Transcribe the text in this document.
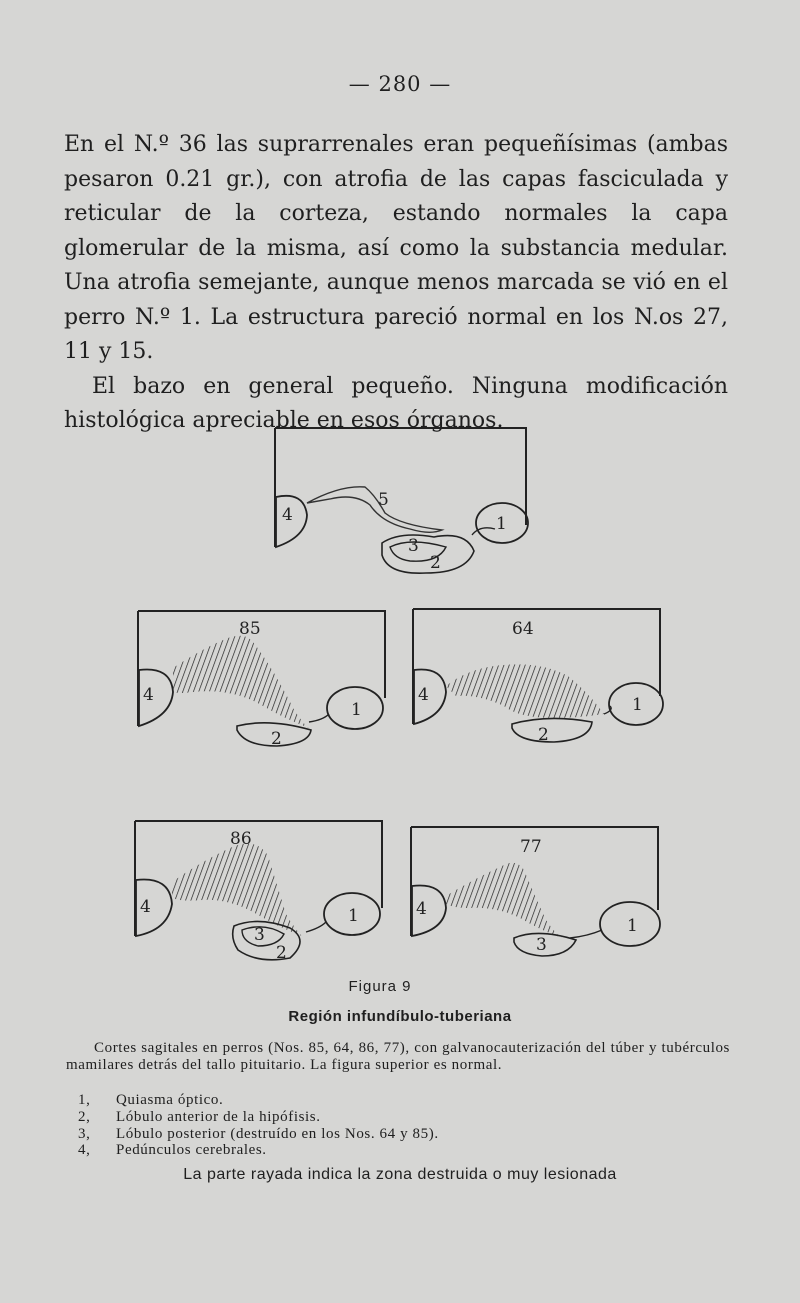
— 280 —

En el N.º 36 las suprarrenales eran pequeñísimas (ambas pesaron 0.21 gr.), con atrofia de las capas fasciculada y reticular de la corteza, estando normales la capa glomerular de la misma, así como la substancia medular. Una atrofia semejante, aunque menos marcada se vió en el perro N.º 1. La estructura pareció normal en los N.os 27, 11 y 15.

El bazo en general pequeño. Ninguna modificación histológica apreciable en esos órganos.

4
5
1
3
2
85
4
1
2
64
4	1
2
86
4	1
3
2
77
4
1
3
Figura 9
Región infundíbulo-tuberiana

Cortes sagitales en perros (Nos. 85, 64, 86, 77), con galvanocauterización del túber y tubérculos mamilares detrás del tallo pituitario. La figura superior es normal.

1, Quiasma óptico.
2, Lóbulo anterior de la hipófisis.
3, Lóbulo posterior (destruído en los Nos. 64 y 85).
4, Pedúnculos cerebrales.
La parte rayada indica la zona destruida o muy lesionada
